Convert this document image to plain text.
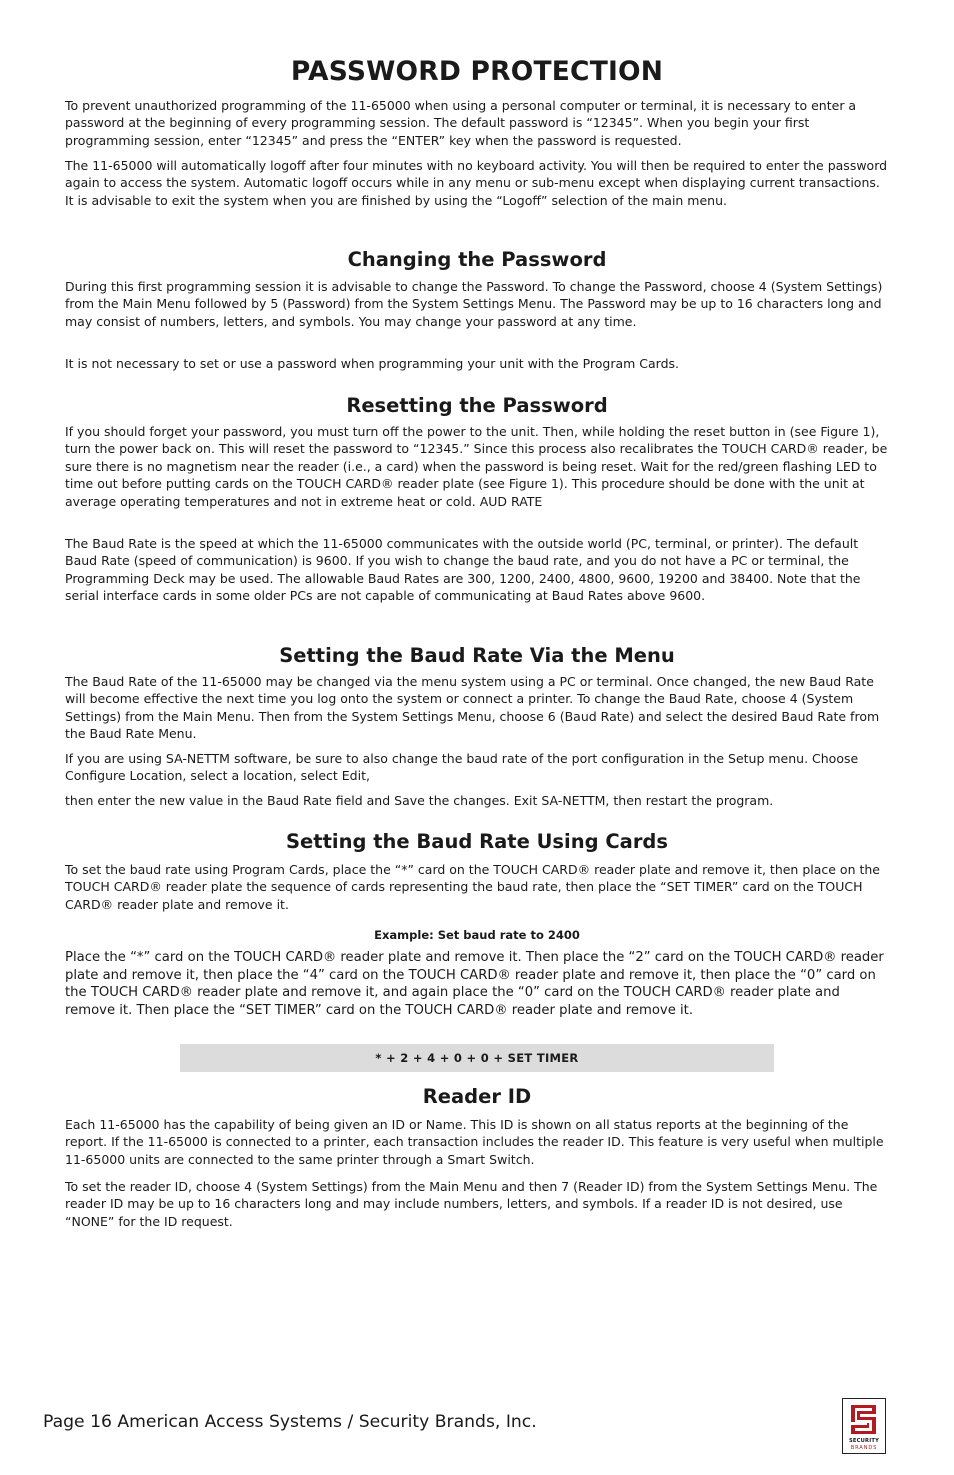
PASSWORD PROTECTION

To prevent unauthorized programming of the 11-65000 when using a personal computer or terminal, it is necessary to enter a password at the beginning of every programming session. The default password is “12345”. When you begin your first programming session, enter “12345” and press the “ENTER” key when the password is requested.

The 11-65000 will automatically logoff after four minutes with no keyboard activity. You will then be required to enter the password again to access the system. Automatic logoff occurs while in any menu or sub-menu except when displaying current transactions. It is advisable to exit the system when you are finished by using the “Logoff” selection of the main menu.

Changing the Password

During this first programming session it is advisable to change the Password. To change the Password, choose 4 (System Settings) from the Main Menu followed by 5 (Password) from the System Settings Menu. The Password may be up to 16 characters long and may consist of numbers, letters, and symbols. You may change your password at any time.

It is not necessary to set or use a password when programming your unit with the Program Cards.

Resetting the Password

If you should forget your password, you must turn off the power to the unit. Then, while holding the reset button in (see Figure 1), turn the power back on. This will reset the password to “12345.” Since this process also recalibrates the TOUCH CARD® reader, be sure there is no magnetism near the reader (i.e., a card) when the password is being reset. Wait for the red/green flashing LED to time out before putting cards on the TOUCH CARD® reader plate (see Figure 1). This procedure should be done with the unit at average operating temperatures and not in extreme heat or cold. AUD RATE

The Baud Rate is the speed at which the 11-65000 communicates with the outside world (PC, terminal, or printer). The default Baud Rate (speed of communication) is 9600. If you wish to change the baud rate, and you do not have a PC or terminal, the Programming Deck may be used. The allowable Baud Rates are 300, 1200, 2400, 4800, 9600, 19200 and 38400. Note that the serial interface cards in some older PCs are not capable of communicating at Baud Rates above 9600.

Setting the Baud Rate Via the Menu

The Baud Rate of the 11-65000 may be changed via the menu system using a PC or terminal. Once changed, the new Baud Rate will become effective the next time you log onto the system or connect a printer. To change the Baud Rate, choose 4 (System Settings) from the Main Menu. Then from the System Settings Menu, choose 6 (Baud Rate) and select the desired Baud Rate from the Baud Rate Menu.

If you are using SA-NETTM software, be sure to also change the baud rate of the port configuration in the Setup menu. Choose Configure Location, select a location, select Edit,

then enter the new value in the Baud Rate field and Save the changes. Exit SA-NETTM, then restart the program.

Setting the Baud Rate Using Cards

To set the baud rate using Program Cards, place the “*” card on the TOUCH CARD® reader plate and remove it, then place on the TOUCH CARD® reader plate the sequence of cards representing the baud rate, then place the “SET TIMER” card on the TOUCH CARD® reader plate and remove it.

Example: Set baud rate to 2400

Place the “*” card on the TOUCH CARD® reader plate and remove it. Then place the “2” card on the TOUCH CARD® reader plate and remove it, then place the “4” card on the TOUCH CARD® reader plate and remove it, then place the “0” card on the TOUCH CARD® reader plate and remove it, and again place the “0” card on the TOUCH CARD® reader plate and remove it. Then place the “SET TIMER” card on the TOUCH CARD® reader plate and remove it.

* + 2 + 4 + 0 + 0 + SET TIMER
Reader ID

Each 11-65000 has the capability of being given an ID or Name. This ID is shown on all status reports at the beginning of the report. If the 11-65000 is connected to a printer, each transaction includes the reader ID. This feature is very useful when multiple 11-65000 units are connected to the same printer through a Smart Switch.

To set the reader ID, choose 4 (System Settings) from the Main Menu and then 7 (Reader ID) from the System Settings Menu. The reader ID may be up to 16 characters long and may include numbers, letters, and symbols. If a reader ID is not desired, use “NONE” for the ID request.

Page 16 American Access Systems / Security Brands, Inc.

SECURITY
BRANDS
